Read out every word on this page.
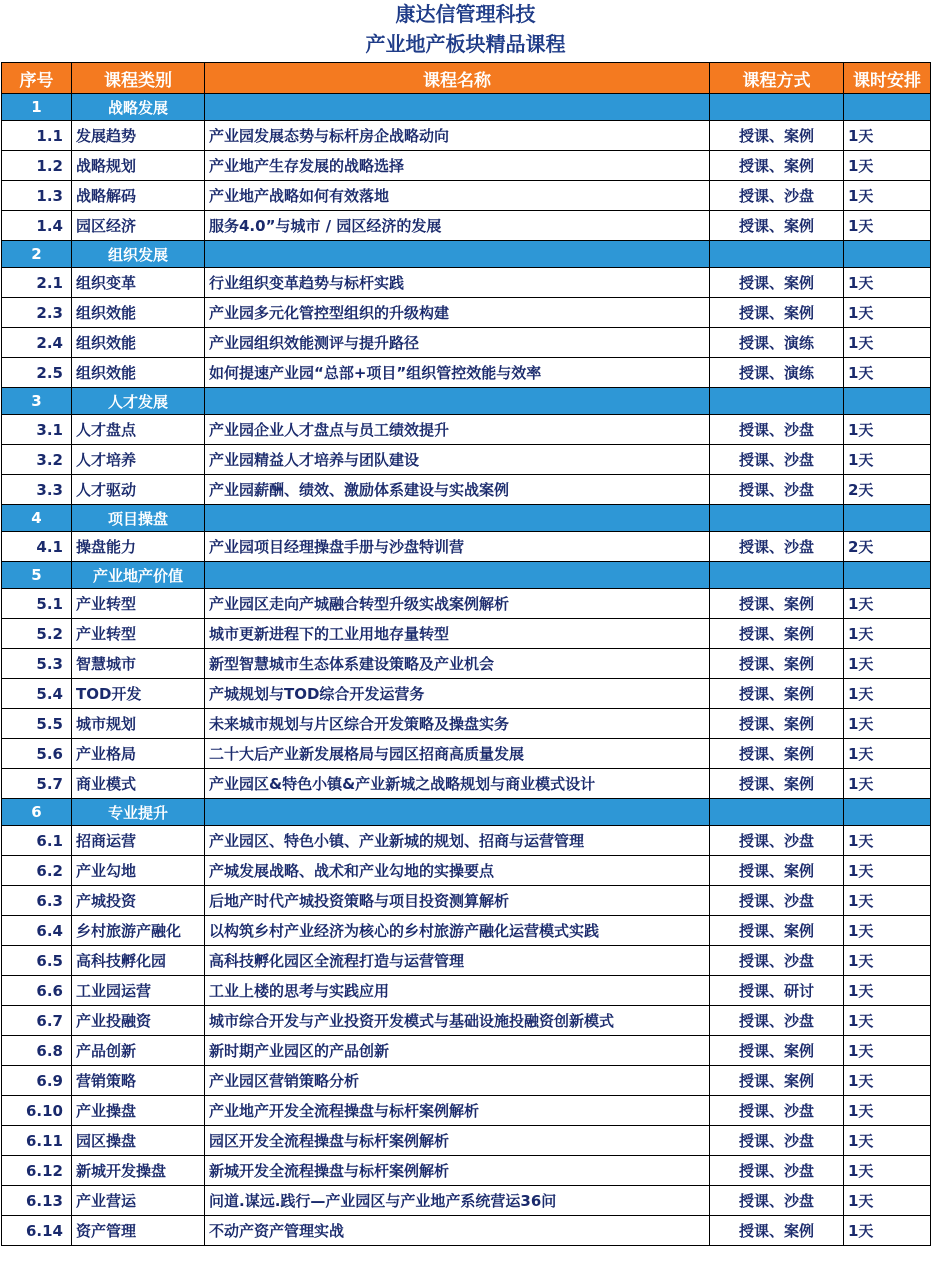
康达信管理科技
产业地产板块精品课程
序号	课程类别	课程名称	课程方式	课时安排
1	战略发展			
1.1	发展趋势	产业园发展态势与标杆房企战略动向	授课、案例	1天
1.2	战略规划	产业地产生存发展的战略选择	授课、案例	1天
1.3	战略解码	产业地产战略如何有效落地	授课、沙盘	1天
1.4	园区经济	服务4.0”与城市 / 园区经济的发展	授课、案例	1天
2	组织发展			
2.1	组织变革	行业组织变革趋势与标杆实践	授课、案例	1天
2.3	组织效能	产业园多元化管控型组织的升级构建	授课、案例	1天
2.4	组织效能	产业园组织效能测评与提升路径	授课、演练	1天
2.5	组织效能	如何提速产业园“总部+项目”组织管控效能与效率	授课、演练	1天
3	人才发展			
3.1	人才盘点	产业园企业人才盘点与员工绩效提升	授课、沙盘	1天
3.2	人才培养	产业园精益人才培养与团队建设	授课、沙盘	1天
3.3	人才驱动	产业园薪酬、绩效、激励体系建设与实战案例	授课、沙盘	2天
4	项目操盘			
4.1	操盘能力	产业园项目经理操盘手册与沙盘特训营	授课、沙盘	2天
5	产业地产价值			
5.1	产业转型	产业园区走向产城融合转型升级实战案例解析	授课、案例	1天
5.2	产业转型	城市更新进程下的工业用地存量转型	授课、案例	1天
5.3	智慧城市	新型智慧城市生态体系建设策略及产业机会	授课、案例	1天
5.4	TOD开发	产城规划与TOD综合开发运营务	授课、案例	1天
5.5	城市规划	未来城市规划与片区综合开发策略及操盘实务	授课、案例	1天
5.6	产业格局	二十大后产业新发展格局与园区招商高质量发展	授课、案例	1天
5.7	商业模式	产业园区&特色小镇&产业新城之战略规划与商业模式设计	授课、案例	1天
6	专业提升			
6.1	招商运营	产业园区、特色小镇、产业新城的规划、招商与运营管理	授课、沙盘	1天
6.2	产业勾地	产城发展战略、战术和产业勾地的实操要点	授课、案例	1天
6.3	产城投资	后地产时代产城投资策略与项目投资测算解析	授课、沙盘	1天
6.4	乡村旅游产融化	以构筑乡村产业经济为核心的乡村旅游产融化运营模式实践	授课、案例	1天
6.5	高科技孵化园	高科技孵化园区全流程打造与运营管理	授课、沙盘	1天
6.6	工业园运营	工业上楼的思考与实践应用	授课、研讨	1天
6.7	产业投融资	城市综合开发与产业投资开发模式与基础设施投融资创新模式	授课、沙盘	1天
6.8	产品创新	新时期产业园区的产品创新	授课、案例	1天
6.9	营销策略	产业园区营销策略分析	授课、案例	1天
6.10	产业操盘	产业地产开发全流程操盘与标杆案例解析	授课、沙盘	1天
6.11	园区操盘	园区开发全流程操盘与标杆案例解析	授课、沙盘	1天
6.12	新城开发操盘	新城开发全流程操盘与标杆案例解析	授课、沙盘	1天
6.13	产业营运	问道.谋远.践行—产业园区与产业地产系统营运36问	授课、沙盘	1天
6.14	资产管理	不动产资产管理实战	授课、案例	1天
